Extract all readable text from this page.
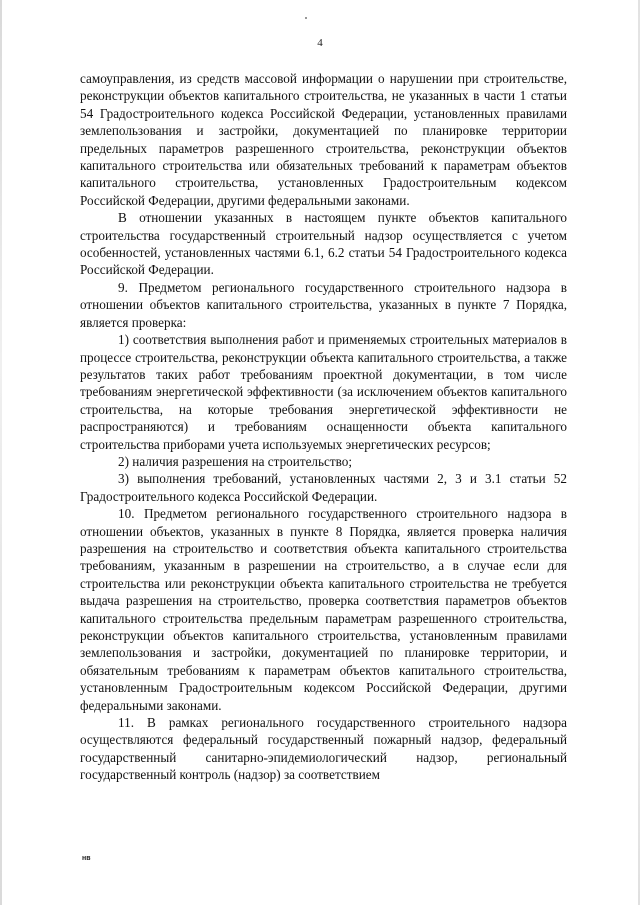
4

самоуправления, из средств массовой информации о нарушении при строительстве, реконструкции объектов капитального строительства, не указанных в части 1 статьи 54 Градостроительного кодекса Российской Федерации, установленных правилами землепользования и застройки, документацией по планировке территории предельных параметров разрешенного строительства, реконструкции объектов капитального строительства или обязательных требований к параметрам объектов капитального строительства, установленных Градостроительным кодексом Российской Федерации, другими федеральными законами.

В отношении указанных в настоящем пункте объектов капитального строительства государственный строительный надзор осуществляется с учетом особенностей, установленных частями 6.1, 6.2 статьи 54 Градостроительного кодекса Российской Федерации.

9. Предметом регионального государственного строительного надзора в отношении объектов капитального строительства, указанных в пункте 7 Порядка, является проверка:

1) соответствия выполнения работ и применяемых строительных материалов в процессе строительства, реконструкции объекта капитального строительства, а также результатов таких работ требованиям проектной документации, в том числе требованиям энергетической эффективности (за исключением объектов капитального строительства, на которые требования энергетической эффективности не распространяются) и требованиям оснащенности объекта капитального строительства приборами учета используемых энергетических ресурсов;

2) наличия разрешения на строительство;

3) выполнения требований, установленных частями 2, 3 и 3.1 статьи 52 Градостроительного кодекса Российской Федерации.

10. Предметом регионального государственного строительного надзора в отношении объектов, указанных в пункте 8 Порядка, является проверка наличия разрешения на строительство и соответствия объекта капитального строительства требованиям, указанным в разрешении на строительство, а в случае если для строительства или реконструкции объекта капитального строительства не требуется выдача разрешения на строительство, проверка соответствия параметров объектов капитального строительства предельным параметрам разрешенного строительства, реконструкции объектов капитального строительства, установленным правилами землепользования и застройки, документацией по планировке территории, и обязательным требованиям к параметрам объектов капитального строительства, установленным Градостроительным кодексом Российской Федерации, другими федеральными законами.

11. В рамках регионального государственного строительного надзора осуществляются федеральный государственный пожарный надзор, федеральный государственный санитарно-эпидемиологический надзор, региональный государственный контроль (надзор) за соответствием

нв
